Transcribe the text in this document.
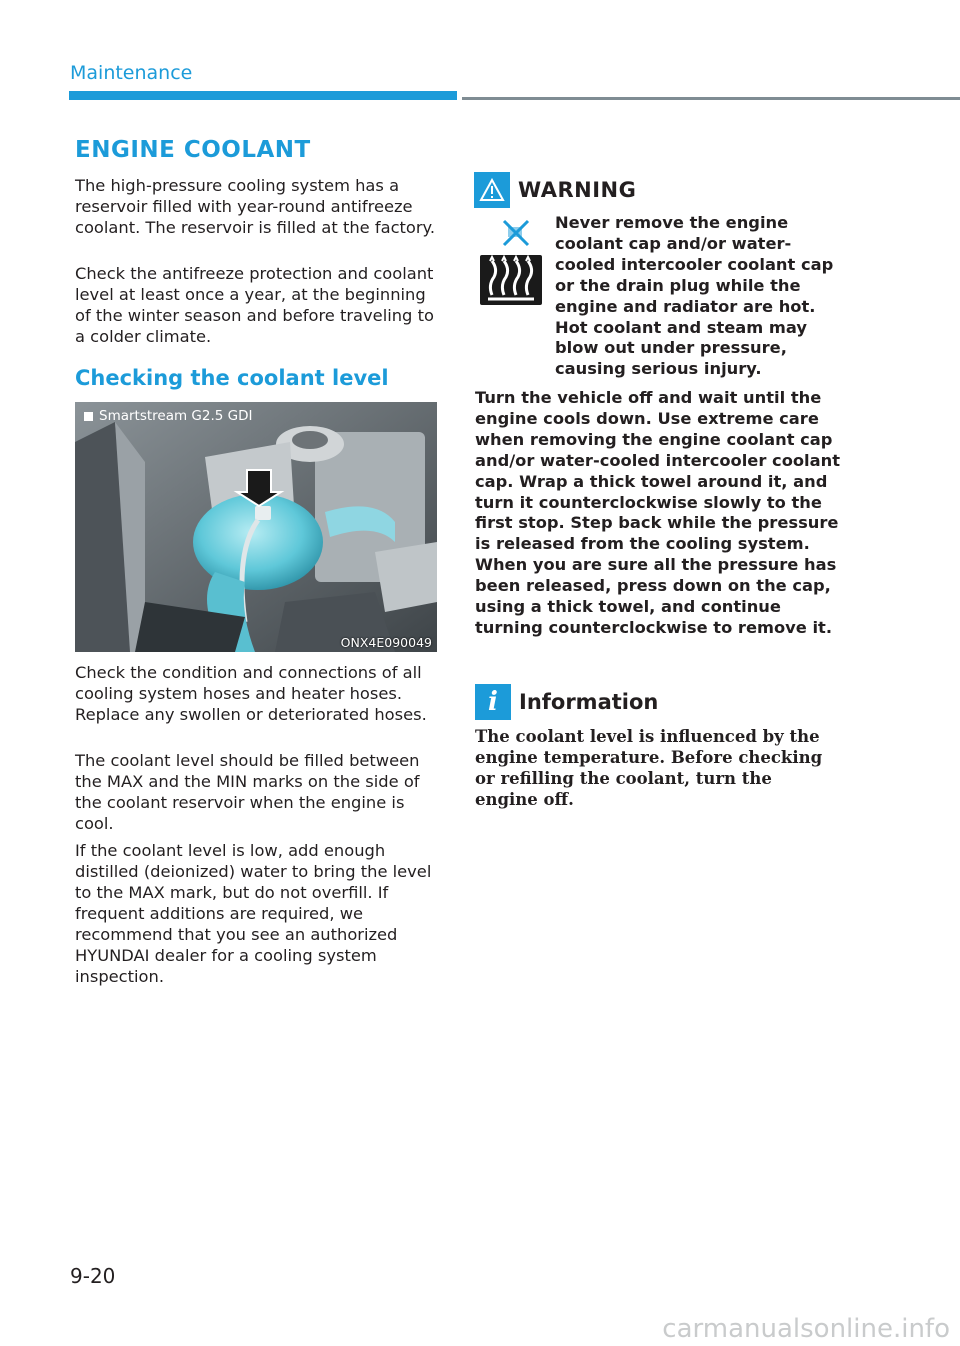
Maintenance
ENGINE COOLANT
The high-pressure cooling system has a reservoir filled with year-round antifreeze coolant. The reservoir is filled at the factory.
Check the antifreeze protection and coolant level at least once a year, at the beginning of the winter season and before traveling to a colder climate.
Checking the coolant level
Smartstream G2.5 GDI
ONX4E090049
Check the condition and connections of all cooling system hoses and heater hoses. Replace any swollen or deteriorated hoses.
The coolant level should be filled between the MAX and the MIN marks on the side of the coolant reservoir when the engine is cool.
If the coolant level is low, add enough distilled (deionized) water to bring the level to the MAX mark, but do not overfill. If frequent additions are required, we recommend that you see an authorized HYUNDAI dealer for a cooling system inspection.
WARNING
Never remove the engine coolant cap and/or water-cooled intercooler coolant cap or the drain plug while the engine and radiator are hot. Hot coolant and steam may blow out under pressure, causing serious injury.
Turn the vehicle off and wait until the engine cools down. Use extreme care when removing the engine coolant cap and/or water-cooled intercooler coolant cap. Wrap a thick towel around it, and turn it counterclockwise slowly to the first stop. Step back while the pressure is released from the cooling system. When you are sure all the pressure has been released, press down on the cap, using a thick towel, and continue turning counterclockwise to remove it.
i Information
The coolant level is influenced by the engine temperature. Before checking or refilling the coolant, turn the engine off.
9-20
carmanualsonline.info
